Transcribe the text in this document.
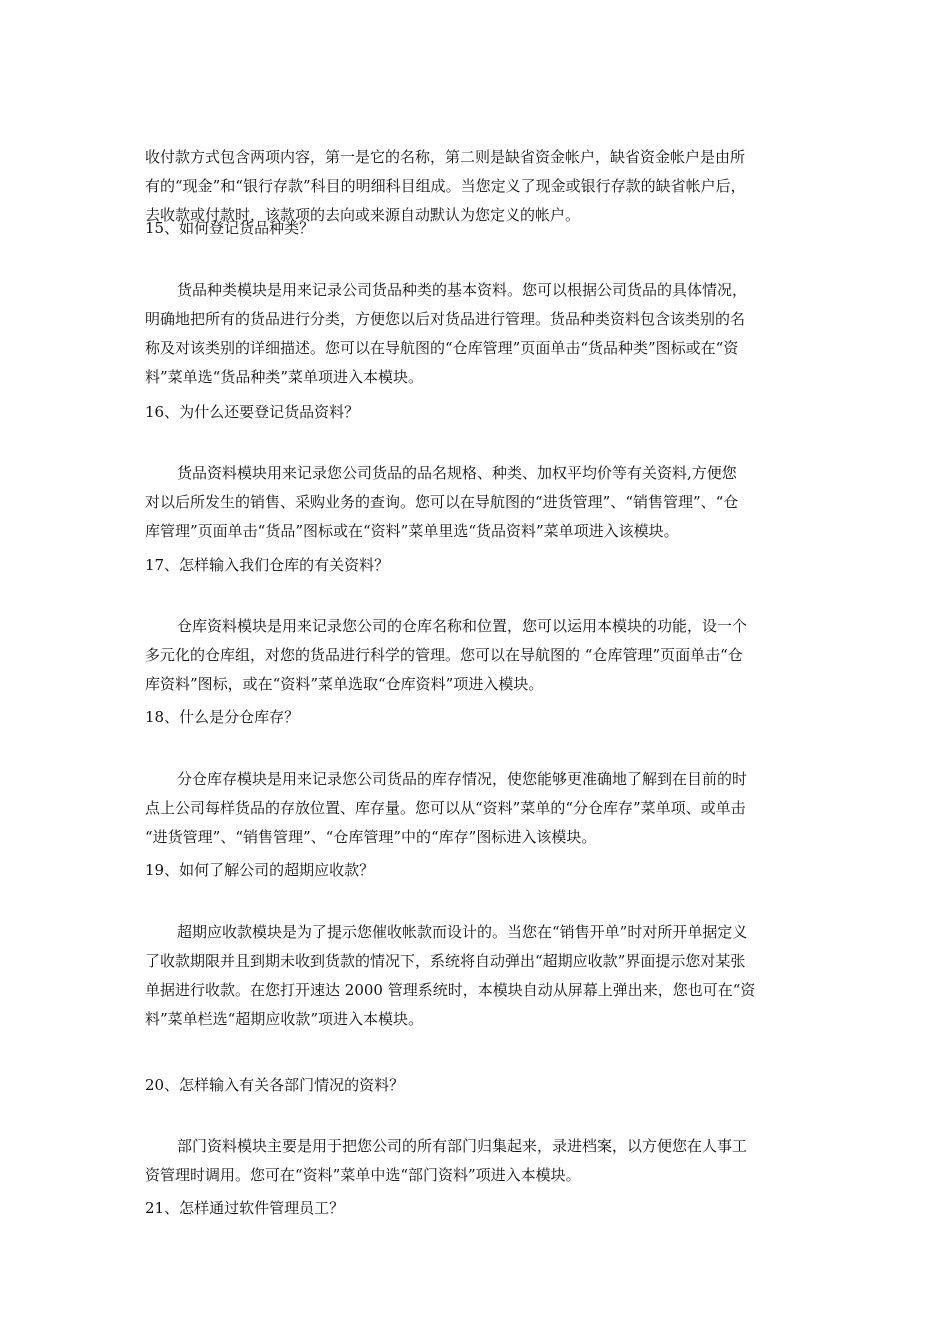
收付款方式包含两项内容，第一是它的名称，第二则是缺省资金帐户，缺省资金帐户是由所
有的“现金”和“银行存款”科目的明细科目组成。当您定义了现金或银行存款的缺省帐户后，
去收款或付款时，该款项的去向或来源自动默认为您定义的帐户。
15、如何登记货品种类？
货品种类模块是用来记录公司货品种类的基本资料。您可以根据公司货品的具体情况，
明确地把所有的货品进行分类，方便您以后对货品进行管理。货品种类资料包含该类别的名
称及对该类别的详细描述。您可以在导航图的“仓库管理”页面单击“货品种类”图标或在“资
料”菜单选“货品种类”菜单项进入本模块。
16、为什么还要登记货品资料？
货品资料模块用来记录您公司货品的品名规格、种类、加权平均价等有关资料,方便您
对以后所发生的销售、采购业务的查询。您可以在导航图的“进货管理”、“销售管理”、“仓
库管理”页面单击“货品”图标或在“资料”菜单里选“货品资料”菜单项进入该模块。
17、怎样输入我们仓库的有关资料？
仓库资料模块是用来记录您公司的仓库名称和位置，您可以运用本模块的功能，设一个
多元化的仓库组，对您的货品进行科学的管理。您可以在导航图的 “仓库管理”页面单击“仓
库资料”图标，或在“资料”菜单选取“仓库资料”项进入模块。
18、什么是分仓库存？
分仓库存模块是用来记录您公司货品的库存情况，使您能够更准确地了解到在目前的时
点上公司每样货品的存放位置、库存量。您可以从“资料”菜单的“分仓库存”菜单项、或单击
“进货管理”、“销售管理”、“仓库管理”中的“库存”图标进入该模块。
19、如何了解公司的超期应收款？
超期应收款模块是为了提示您催收帐款而设计的。当您在“销售开单”时对所开单据定义
了收款期限并且到期未收到货款的情况下，系统将自动弹出“超期应收款”界面提示您对某张
单据进行收款。在您打开速达 2000 管理系统时，本模块自动从屏幕上弹出来，您也可在“资
料”菜单栏选“超期应收款”项进入本模块。
20、怎样输入有关各部门情况的资料？
部门资料模块主要是用于把您公司的所有部门归集起来，录进档案，以方便您在人事工
资管理时调用。您可在“资料”菜单中选“部门资料”项进入本模块。
21、怎样通过软件管理员工？
